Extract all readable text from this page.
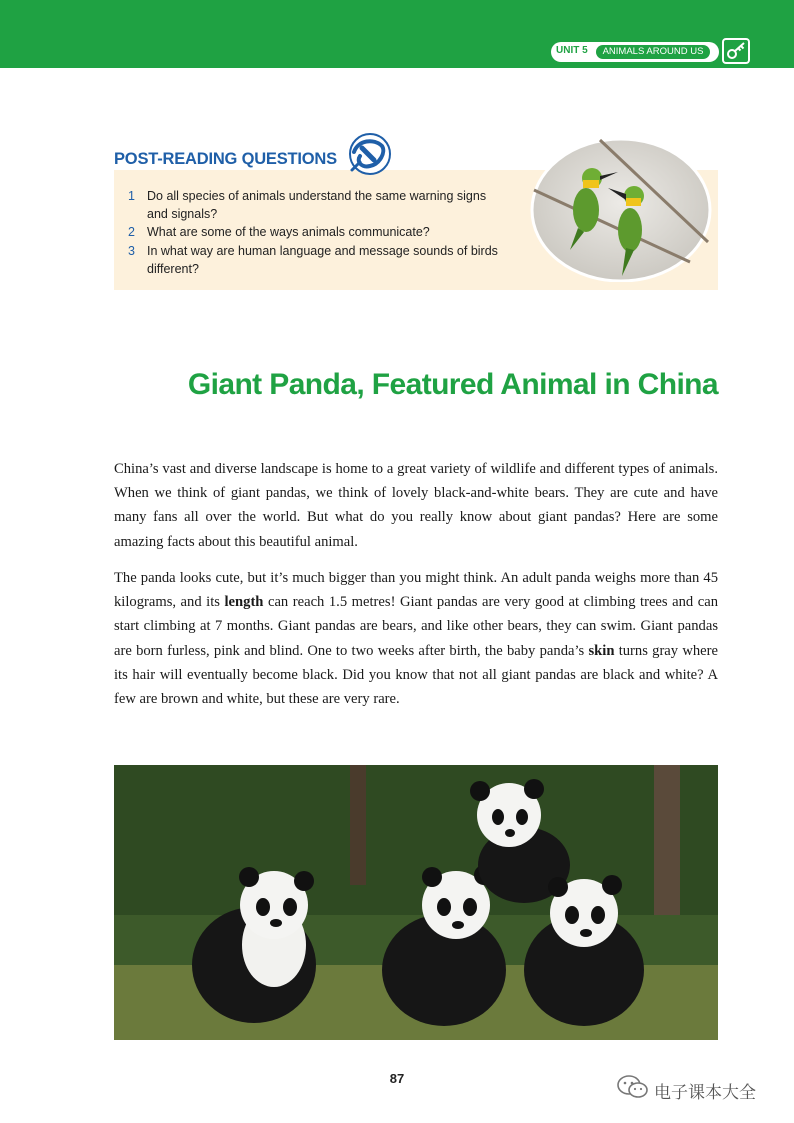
UNIT 5	ANIMALS AROUND US
POST-READING QUESTIONS
1 Do all species of animals understand the same warning signs and signals?
2 What are some of the ways animals communicate?
3 In what way are human language and message sounds of birds different?
Giant Panda, Featured Animal in China

China’s vast and diverse landscape is home to a great variety of wildlife and different types of animals. When we think of giant pandas, we think of lovely black-and-white bears. They are cute and have many fans all over the world. But what do you really know about giant pandas? Here are some amazing facts about this beautiful animal.

The panda looks cute, but it’s much bigger than you might think. An adult panda weighs more than 45 kilograms, and its length can reach 1.5 metres! Giant pandas are very good at climbing trees and can start climbing at 7 months. Giant pandas are bears, and like other bears, they can swim. Giant pandas are born furless, pink and blind. One to two weeks after birth, the baby panda’s skin turns gray where its hair will eventually become black. Did you know that not all giant pandas are black and white? A few are brown and white, but these are very rare.

87
电子课本大全
